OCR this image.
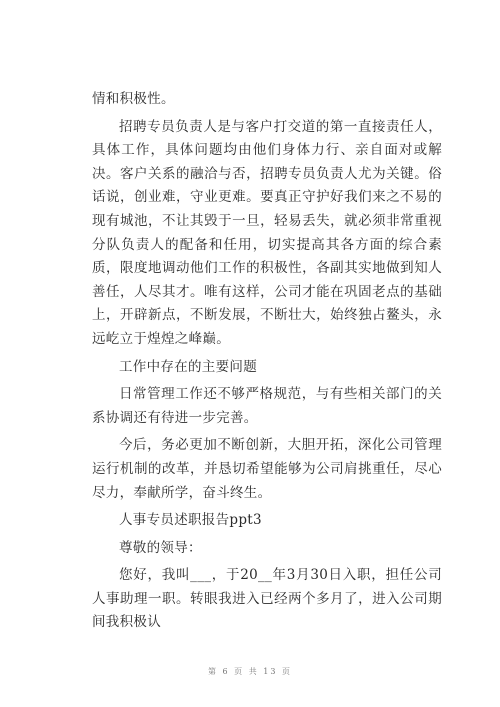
情和积极性。

招聘专员负责人是与客户打交道的第一直接责任人，具体工作，具体问题均由他们身体力行、亲自面对或解决。客户关系的融洽与否，招聘专员负责人尤为关键。俗话说，创业难，守业更难。要真正守护好我们来之不易的现有城池，不让其毁于一旦，轻易丢失，就必须非常重视分队负责人的配备和任用，切实提高其各方面的综合素质，限度地调动他们工作的积极性，各副其实地做到知人善任，人尽其才。唯有这样，公司才能在巩固老点的基础上，开辟新点，不断发展，不断壮大，始终独占鳌头，永远屹立于煌煌之峰巅。

工作中存在的主要问题

日常管理工作还不够严格规范，与有些相关部门的关系协调还有待进一步完善。

今后，务必更加不断创新，大胆开拓，深化公司管理运行机制的改革，并恳切希望能够为公司肩挑重任，尽心尽力，奉献所学，奋斗终生。

人事专员述职报告ppt3

尊敬的领导：

您好，我叫___，于20__年3月30日入职，担任公司人事助理一职。转眼我进入已经两个多月了，进入公司期间我积极认

第 6 页 共 13 页
